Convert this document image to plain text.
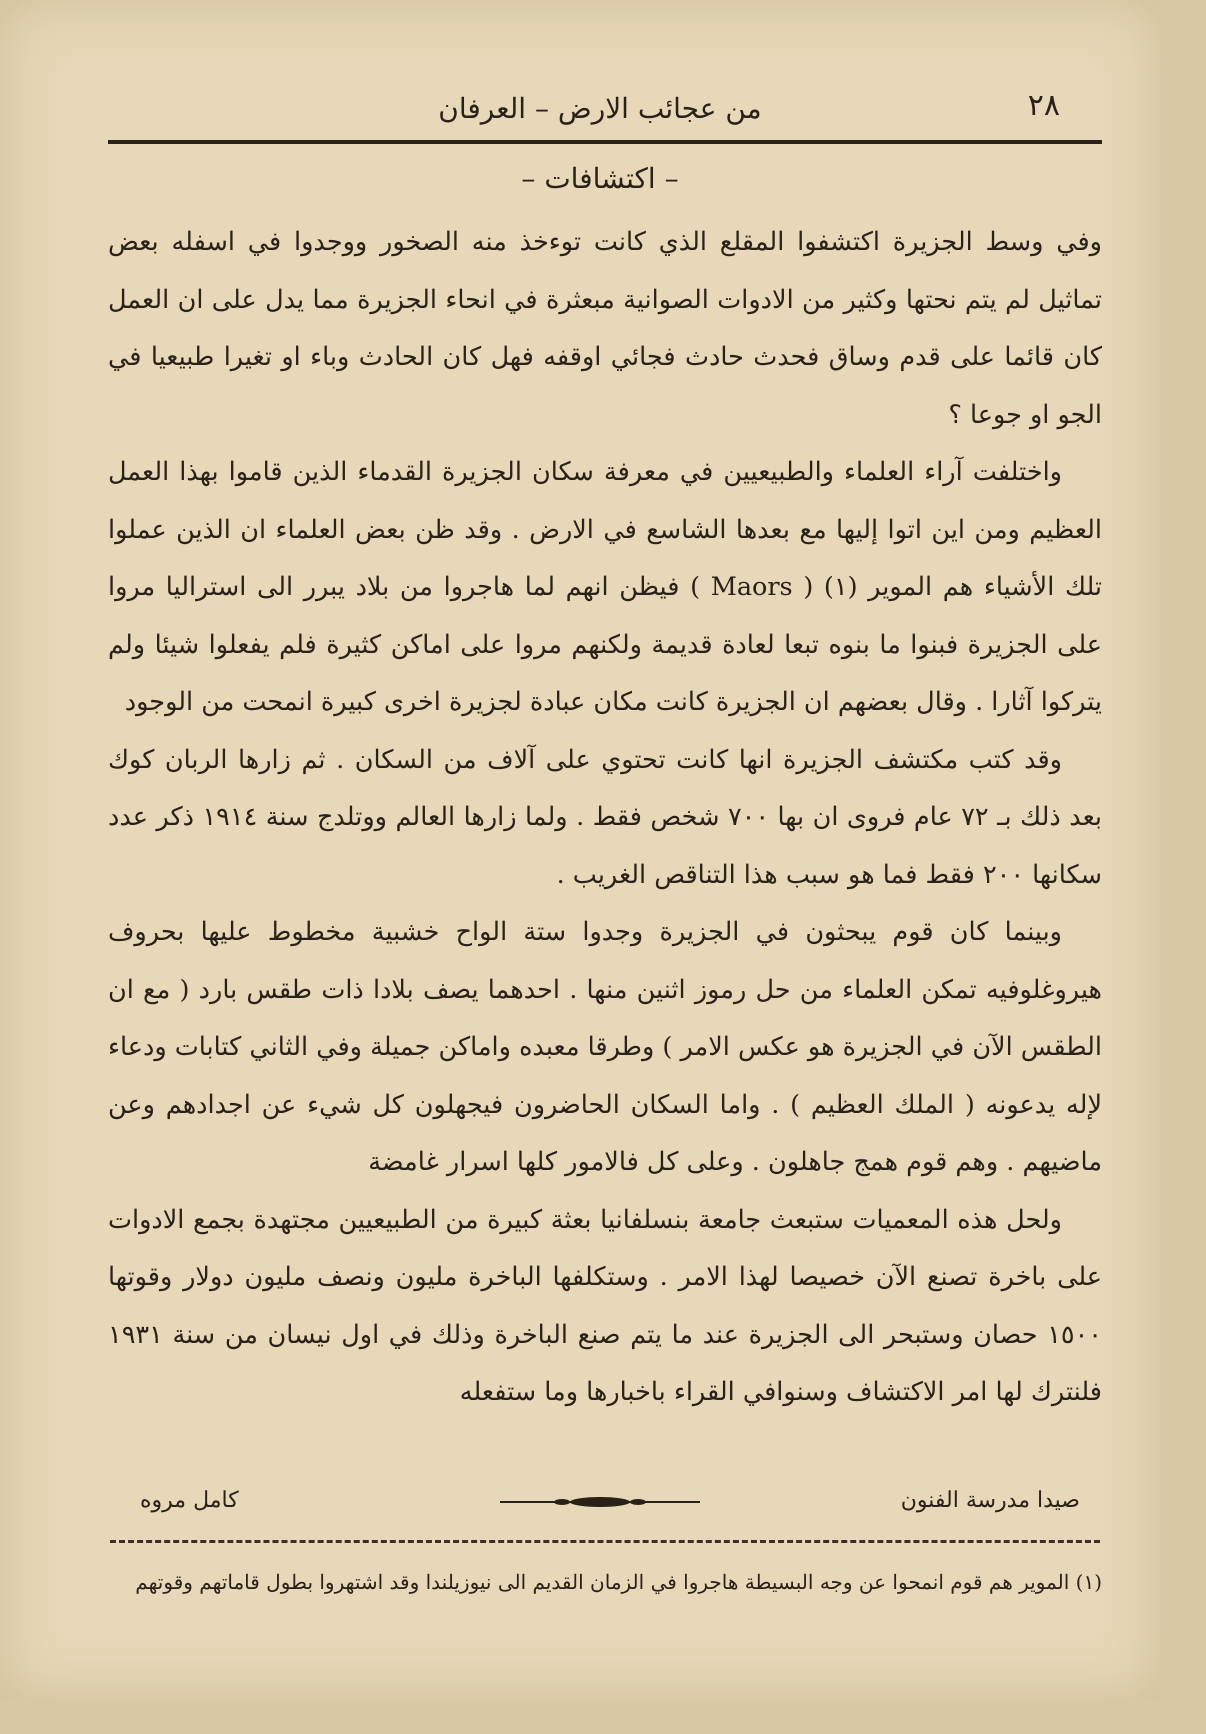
٢٨
من عجائب الارض – العرفان
– اكتشافات –

وفي وسط الجزيرة اكتشفوا المقلع الذي كانت توءخذ منه الصخور ووجدوا في اسفله بعض تماثيل لم يتم نحتها وكثير من الادوات الصوانية مبعثرة في انحاء الجزيرة مما يدل على ان العمل كان قائما على قدم وساق فحدث حادث فجائي اوقفه فهل كان الحادث وباء او تغيرا طبيعيا في الجو او جوعا ؟

واختلفت آراء العلماء والطبيعيين في معرفة سكان الجزيرة القدماء الذين قاموا بهذا العمل العظيم ومن اين اتوا إليها مع بعدها الشاسع في الارض . وقد ظن بعض العلماء ان الذين عملوا تلك الأشياء هم الموير (١) ( Maors ) فيظن انهم لما هاجروا من بلاد يبرر الى استراليا مروا على الجزيرة فبنوا ما بنوه تبعا لعادة قديمة ولكنهم مروا على اماكن كثيرة فلم يفعلوا شيئا ولم يتركوا آثارا . وقال بعضهم ان الجزيرة كانت مكان عبادة لجزيرة اخرى كبيرة انمحت من الوجود

وقد كتب مكتشف الجزيرة انها كانت تحتوي على آلاف من السكان . ثم زارها الربان كوك بعد ذلك بـ ٧٢ عام فروى ان بها ٧٠٠ شخص فقط . ولما زارها العالم ووتلدج سنة ١٩١٤ ذكر عدد سكانها ٢٠٠ فقط فما هو سبب هذا التناقص الغريب .

وبينما كان قوم يبحثون في الجزيرة وجدوا ستة الواح خشبية مخطوط عليها بحروف هيروغلوفيه تمكن العلماء من حل رموز اثنين منها . احدهما يصف بلادا ذات طقس بارد ( مع ان الطقس الآن في الجزيرة هو عكس الامر ) وطرقا معبده واماكن جميلة وفي الثاني كتابات ودعاء لإله يدعونه ( الملك العظيم ) . واما السكان الحاضرون فيجهلون كل شيء عن اجدادهم وعن ماضيهم . وهم قوم همج جاهلون . وعلى كل فالامور كلها اسرار غامضة

ولحل هذه المعميات ستبعث جامعة بنسلفانيا بعثة كبيرة من الطبيعيين مجتهدة بجمع الادوات على باخرة تصنع الآن خصيصا لهذا الامر . وستكلفها الباخرة مليون ونصف مليون دولار وقوتها ١٥٠٠ حصان وستبحر الى الجزيرة عند ما يتم صنع الباخرة وذلك في اول نيسان من سنة ١٩٣١ فلنترك لها امر الاكتشاف وسنوافي القراء باخبارها وما ستفعله

صيدا مدرسة الفنون
كامل مروه
(١) الموير هم قوم انمحوا عن وجه البسيطة هاجروا في الزمان القديم الى نيوزيلندا وقد اشتهروا بطول قاماتهم وقوتهم
